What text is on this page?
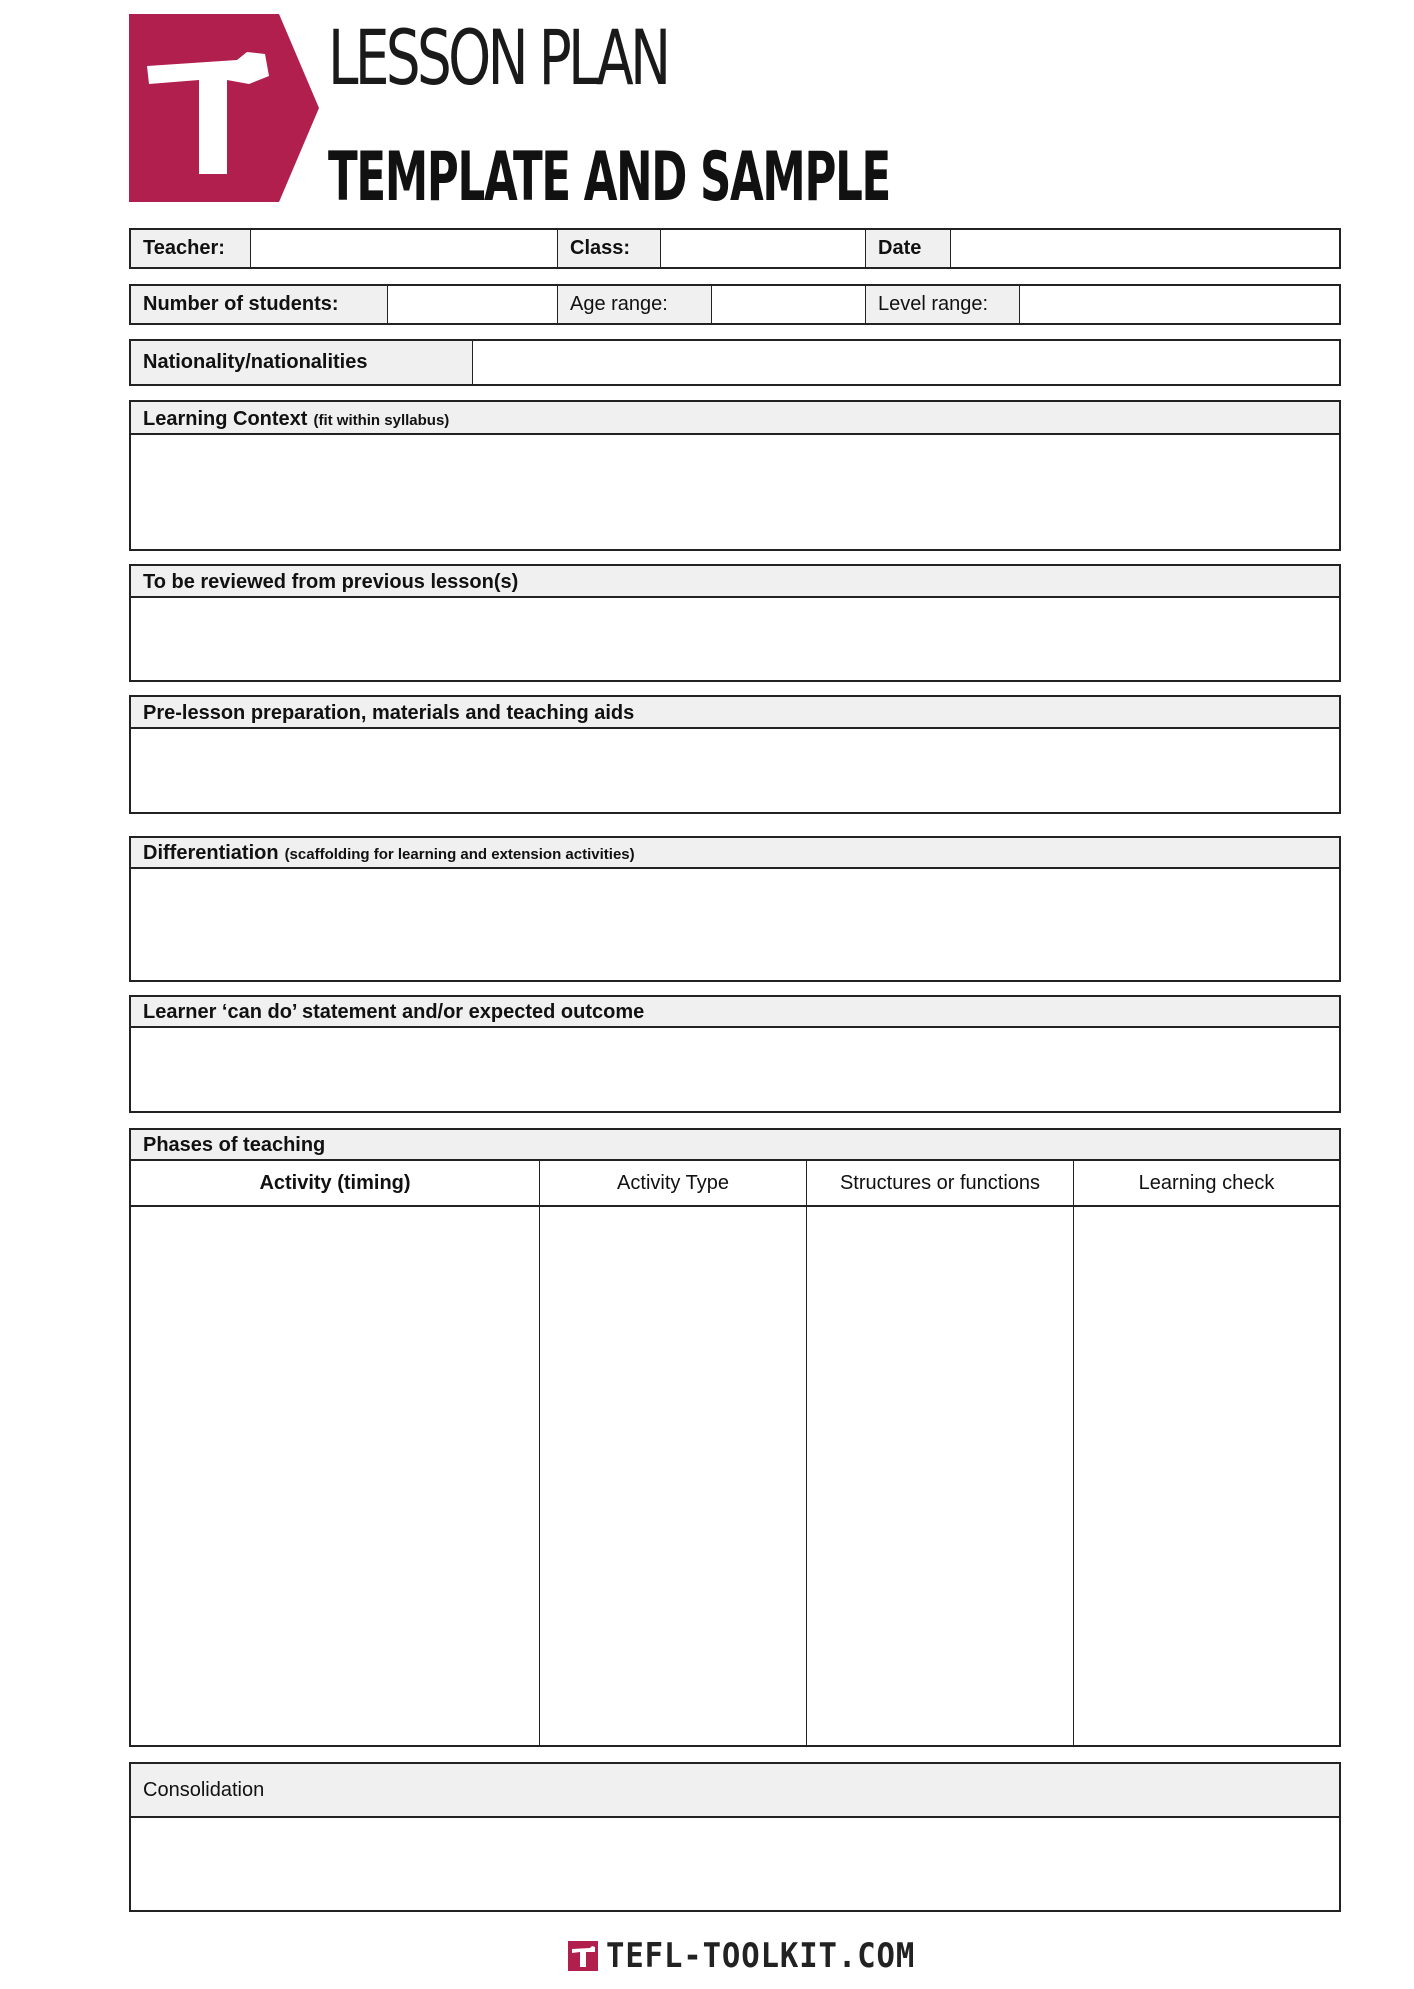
LESSON PLAN
TEMPLATE AND SAMPLE
Teacher:	Class:	Date
Number of students:	Age range:	Level range:
Nationality/nationalities
Learning Context (fit within syllabus)
To be reviewed from previous lesson(s)
Pre-lesson preparation, materials and teaching aids
Differentiation (scaffolding for learning and extension activities)
Learner ‘can do’ statement and/or expected outcome
Phases of teaching
Activity (timing)	Activity Type	Structures or functions	Learning check
Consolidation
TEFL-TOOLKIT.COM
